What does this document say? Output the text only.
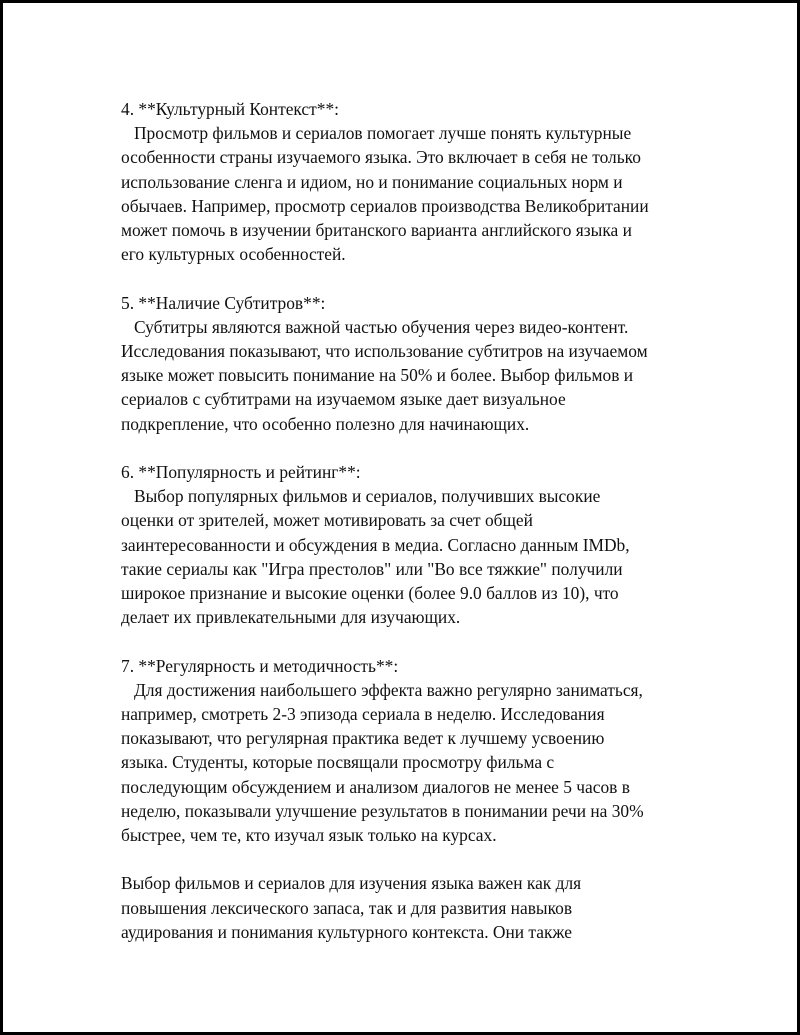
4. **Культурный Контекст**:
Просмотр фильмов и сериалов помогает лучше понять культурные
особенности страны изучаемого языка. Это включает в себя не только
использование сленга и идиом, но и понимание социальных норм и
обычаев. Например, просмотр сериалов производства Великобритании
может помочь в изучении британского варианта английского языка и
его культурных особенностей.
5. **Наличие Субтитров**:
Субтитры являются важной частью обучения через видео-контент.
Исследования показывают, что использование субтитров на изучаемом
языке может повысить понимание на 50% и более. Выбор фильмов и
сериалов с субтитрами на изучаемом языке дает визуальное
подкрепление, что особенно полезно для начинающих.
6. **Популярность и рейтинг**:
Выбор популярных фильмов и сериалов, получивших высокие
оценки от зрителей, может мотивировать за счет общей
заинтересованности и обсуждения в медиа. Согласно данным IMDb,
такие сериалы как "Игра престолов" или "Во все тяжкие" получили
широкое признание и высокие оценки (более 9.0 баллов из 10), что
делает их привлекательными для изучающих.
7. **Регулярность и методичность**:
Для достижения наибольшего эффекта важно регулярно заниматься,
например, смотреть 2-3 эпизода сериала в неделю. Исследования
показывают, что регулярная практика ведет к лучшему усвоению
языка. Студенты, которые посвящали просмотру фильма с
последующим обсуждением и анализом диалогов не менее 5 часов в
неделю, показывали улучшение результатов в понимании речи на 30%
быстрее, чем те, кто изучал язык только на курсах.
Выбор фильмов и сериалов для изучения языка важен как для
повышения лексического запаса, так и для развития навыков
аудирования и понимания культурного контекста. Они также
